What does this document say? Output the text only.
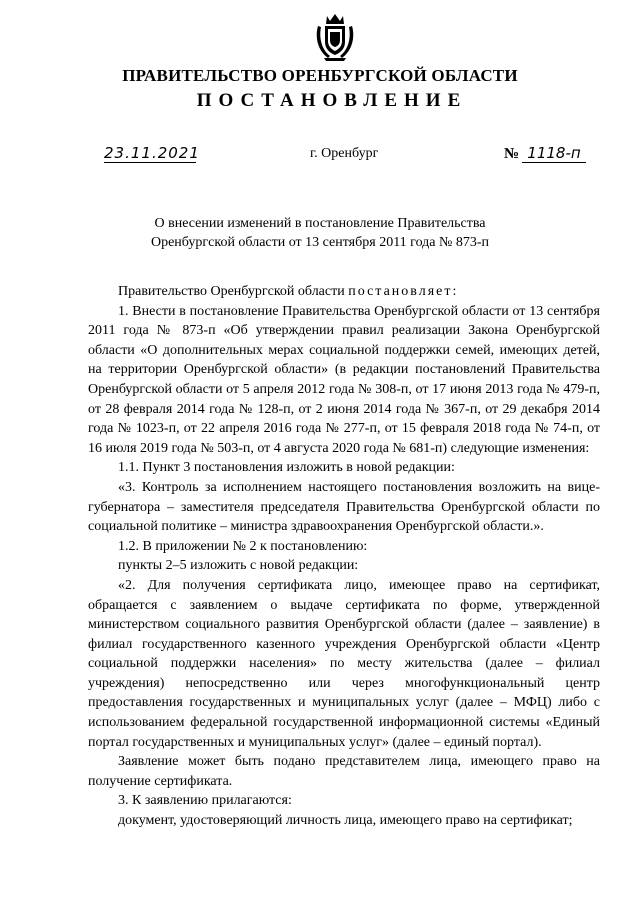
ПРАВИТЕЛЬСТВО ОРЕНБУРГСКОЙ ОБЛАСТИ
ПОСТАНОВЛЕНИЕ
23.11.2021	г. Оренбург	№ 1118-п
О внесении изменений в постановление Правительства
Оренбургской области от 13 сентября 2011 года № 873-п

Правительство Оренбургской области постановляет:

1. Внести в постановление Правительства Оренбургской области от 13 сентября 2011 года № 873-п «Об утверждении правил реализации Закона Оренбургской области «О дополнительных мерах социальной поддержки семей, имеющих детей, на территории Оренбургской области» (в редакции постановлений Правительства Оренбургской области от 5 апреля 2012 года № 308-п, от 17 июня 2013 года № 479-п, от 28 февраля 2014 года № 128-п, от 2 июня 2014 года № 367-п, от 29 декабря 2014 года № 1023-п, от 22 апреля 2016 года № 277-п, от 15 февраля 2018 года № 74-п, от 16 июля 2019 года № 503-п, от 4 августа 2020 года № 681-п) следующие изменения:

1.1. Пункт 3 постановления изложить в новой редакции:

«3. Контроль за исполнением настоящего постановления возложить на вице-губернатора – заместителя председателя Правительства Оренбургской области по социальной политике – министра здравоохранения Оренбургской области.».

1.2. В приложении № 2 к постановлению:

пункты 2–5 изложить с новой редакции:

«2. Для получения сертификата лицо, имеющее право на сертификат, обращается с заявлением о выдаче сертификата по форме, утвержденной министерством социального развития Оренбургской области (далее – заявление) в филиал государственного казенного учреждения Оренбургской области «Центр социальной поддержки населения» по месту жительства (далее – филиал учреждения) непосредственно или через многофункциональный центр предоставления государственных и муниципальных услуг (далее – МФЦ) либо с использованием федеральной государственной информационной системы «Единый портал государственных и муниципальных услуг» (далее – единый портал).

Заявление может быть подано представителем лица, имеющего право на получение сертификата.

3. К заявлению прилагаются:

документ, удостоверяющий личность лица, имеющего право на сертификат;
